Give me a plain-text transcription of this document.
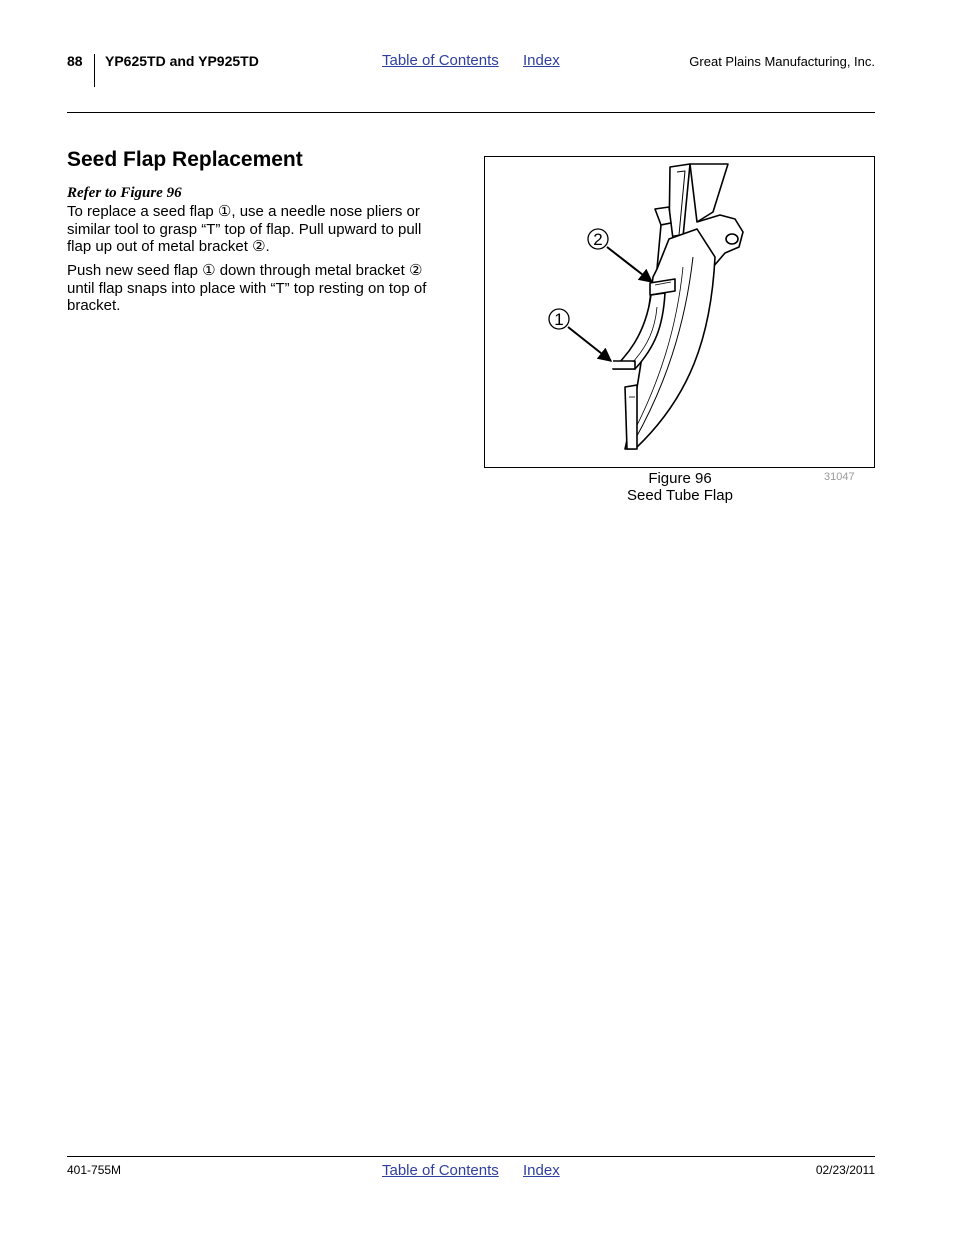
88 YP625TD and YP925TD	Table of Contents Index	Great Plains Manufacturing, Inc.
Seed Flap Replacement
Refer to Figure 96

To replace a seed flap ①, use a needle nose pliers or similar tool to grasp “T” top of flap. Pull upward to pull flap up out of metal bracket ②.

Push new seed flap ① down through metal bracket ② until flap snaps into place with “T” top resting on top of bracket.

2
1
Figure 96
Seed Tube Flap
31047
401-755M	Table of Contents Index	02/23/2011
